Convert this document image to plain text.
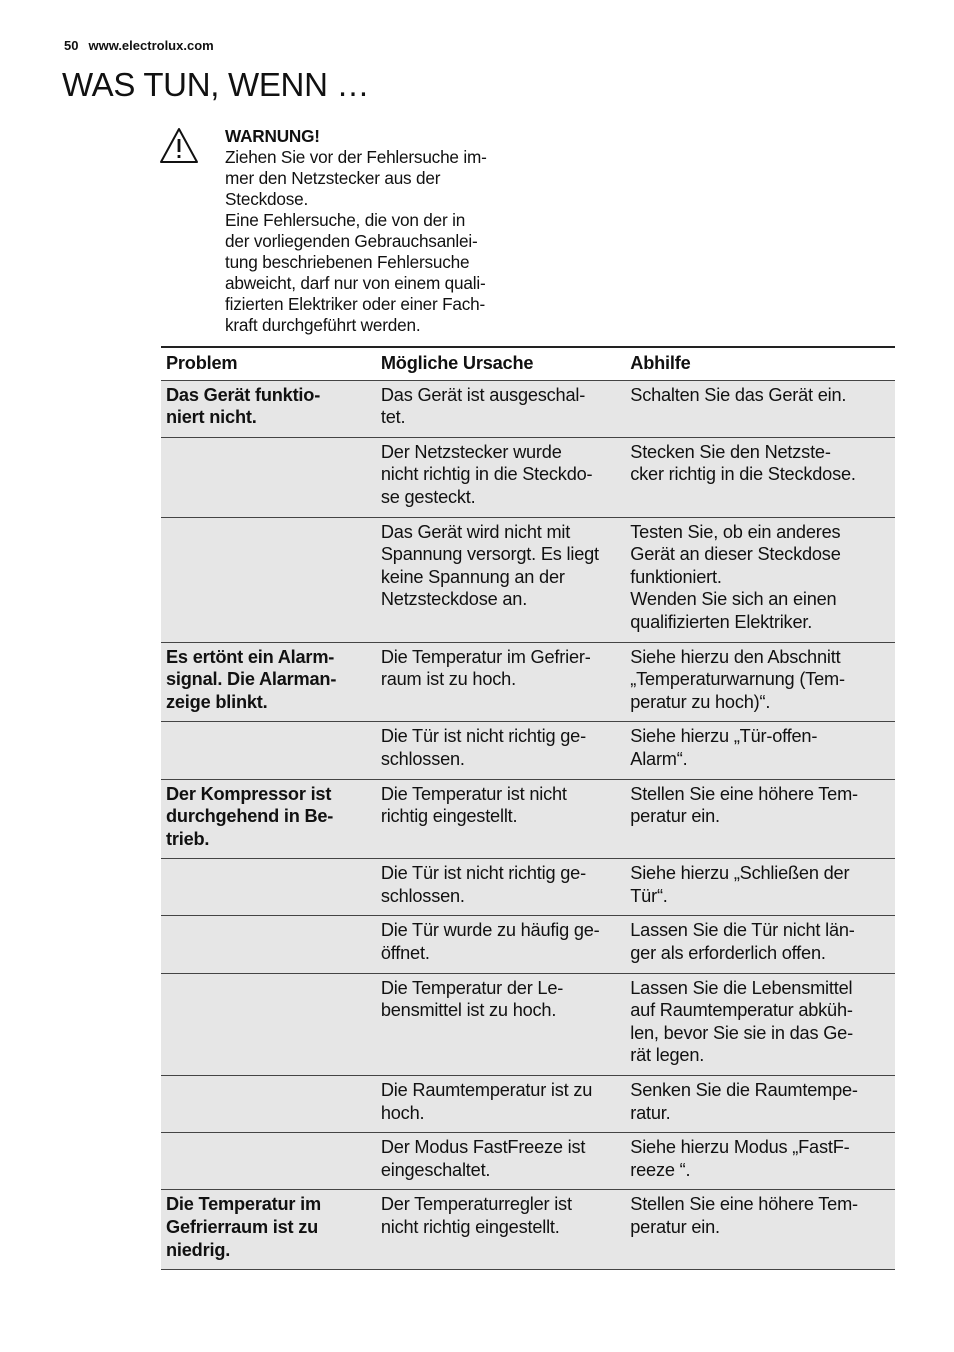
50 www.electrolux.com
WAS TUN, WENN …
WARNUNG!
Ziehen Sie vor der Fehlersuche im-
mer den Netzstecker aus der
Steckdose.
Eine Fehlersuche, die von der in
der vorliegenden Gebrauchsanlei-
tung beschriebenen Fehlersuche
abweicht, darf nur von einem quali-
fizierten Elektriker oder einer Fach-
kraft durchgeführt werden.
Problem	Mögliche Ursache	Abhilfe
Das Gerät funktio-
niert nicht.	Das Gerät ist ausgeschal-
tet.	Schalten Sie das Gerät ein.
	Der Netzstecker wurde
nicht richtig in die Steckdo-
se gesteckt.	Stecken Sie den Netzste-
cker richtig in die Steckdose.
	Das Gerät wird nicht mit
Spannung versorgt. Es liegt
keine Spannung an der
Netzsteckdose an.	Testen Sie, ob ein anderes
Gerät an dieser Steckdose
funktioniert.
Wenden Sie sich an einen
qualifizierten Elektriker.
Es ertönt ein Alarm-
signal. Die Alarman-
zeige blinkt.	Die Temperatur im Gefrier-
raum ist zu hoch.	Siehe hierzu den Abschnitt
„Temperaturwarnung (Tem-
peratur zu hoch)“.
	Die Tür ist nicht richtig ge-
schlossen.	Siehe hierzu „Tür-offen-
Alarm“.
Der Kompressor ist
durchgehend in Be-
trieb.	Die Temperatur ist nicht
richtig eingestellt.	Stellen Sie eine höhere Tem-
peratur ein.
	Die Tür ist nicht richtig ge-
schlossen.	Siehe hierzu „Schließen der
Tür“.
	Die Tür wurde zu häufig ge-
öffnet.	Lassen Sie die Tür nicht län-
ger als erforderlich offen.
	Die Temperatur der Le-
bensmittel ist zu hoch.	Lassen Sie die Lebensmittel
auf Raumtemperatur abküh-
len, bevor Sie sie in das Ge-
rät legen.
	Die Raumtemperatur ist zu
hoch.	Senken Sie die Raumtempe-
ratur.
	Der Modus FastFreeze ist
eingeschaltet.	Siehe hierzu Modus „FastF-
reeze “.
Die Temperatur im
Gefrierraum ist zu
niedrig.	Der Temperaturregler ist
nicht richtig eingestellt.	Stellen Sie eine höhere Tem-
peratur ein.
